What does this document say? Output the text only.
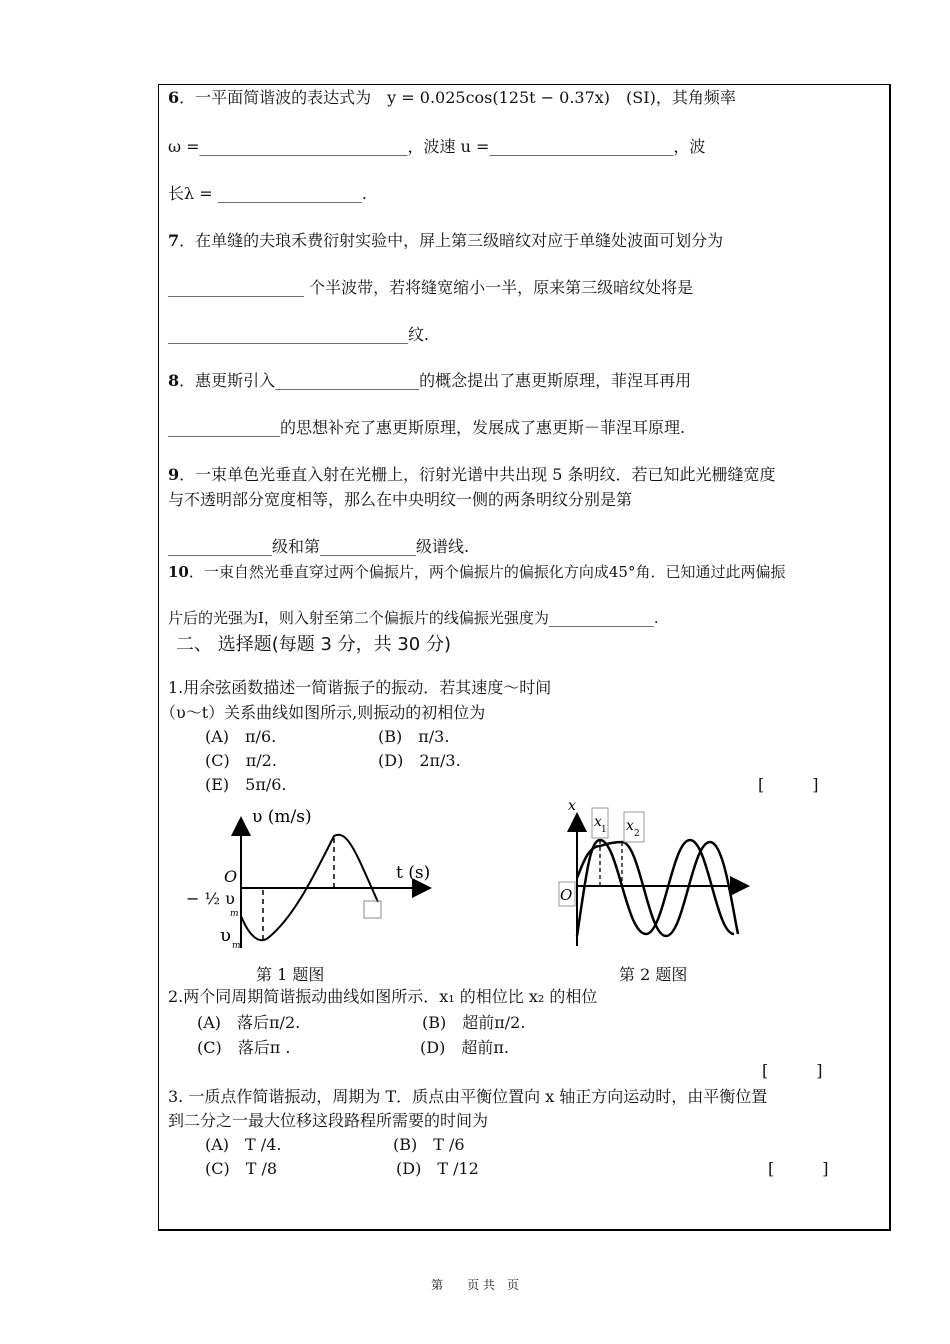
6．一平面简谐波的表达式为　y = 0.025cos(125t − 0.37x)　(SI)，其角频率
ω =__________________________，波速 u =_______________________，波
长λ = __________________.
7．在单缝的夫琅禾费衍射实验中，屏上第三级暗纹对应于单缝处波面可划分为
_________________ 个半波带，若将缝宽缩小一半，原来第三级暗纹处将是
______________________________纹.
8．惠更斯引入__________________的概念提出了惠更斯原理，菲涅耳再用
______________的思想补充了惠更斯原理，发展成了惠更斯－菲涅耳原理.
9．一束单色光垂直入射在光栅上，衍射光谱中共出现 5 条明纹．若已知此光栅缝宽度
与不透明部分宽度相等，那么在中央明纹一侧的两条明纹分别是第
_____________级和第____________级谱线.
10．一束自然光垂直穿过两个偏振片，两个偏振片的偏振化方向成45°角．已知通过此两偏振
片后的光强为I，则入射至第二个偏振片的线偏振光强度为______________.
二、 选择题(每题 3 分，共 30 分)
1.用余弦函数描述一简谐振子的振动．若其速度～时间
（υ～t）关系曲线如图所示,则振动的初相位为
(A)　π/6.	(B)　π/3.
(C)　π/2.	(D)　2π/3.
(E)　5π/6.	[　　　]
υ (m/s)
t (s)
O
− ½ υ
m
υ m
第 1 题图
x
x 1 x 2
O
第 2 题图
2.两个同周期简谐振动曲线如图所示．x₁ 的相位比 x₂ 的相位
(A)　落后π/2.	(B)　超前π/2.
(C)　落后π .	(D)　超前π.
[　　　]
3. 一质点作简谐振动，周期为 T．质点由平衡位置向 x 轴正方向运动时，由平衡位置
到二分之一最大位移这段路程所需要的时间为
(A)　T /4.	(B)　T /6
(C)　T /8	(D)　T /12	[　　　]
第　　页 共　页
